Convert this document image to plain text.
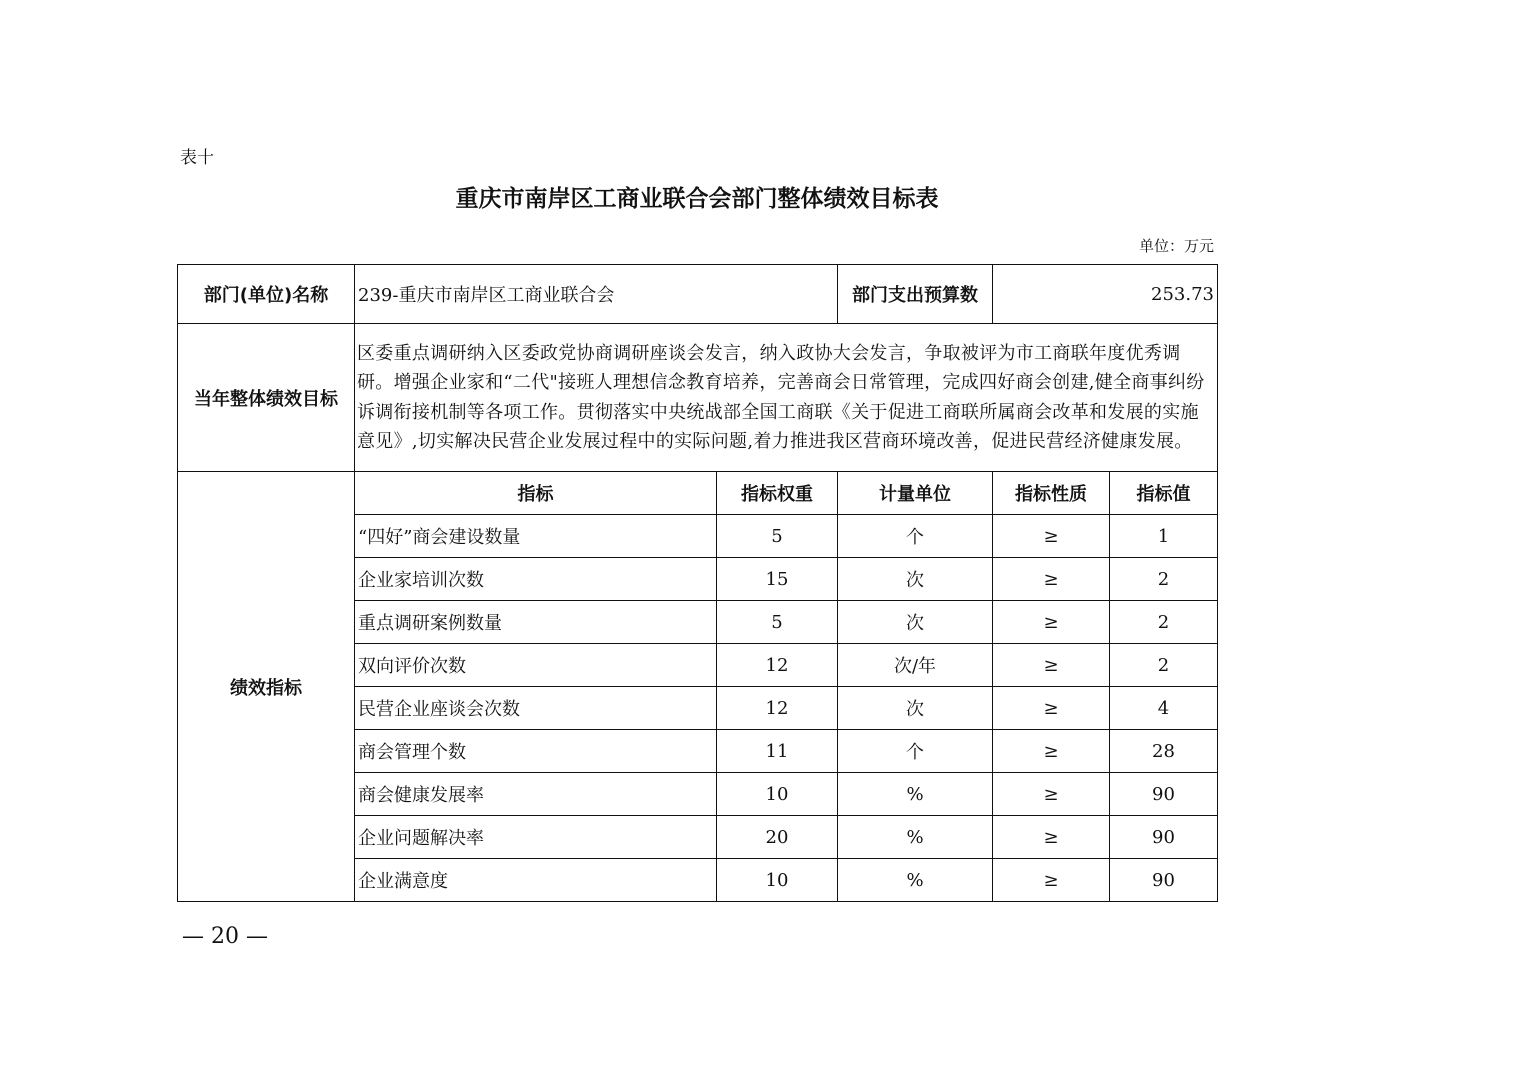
表十
重庆市南岸区工商业联合会部门整体绩效目标表
单位：万元
部门(单位)名称	239-重庆市南岸区工商业联合会		部门支出预算数	253.73	
当年整体绩效目标	区委重点调研纳入区委政党协商调研座谈会发言，纳入政协大会发言，争取被评为市工商联年度优秀调研。增强企业家和“二代"接班人理想信念教育培养，完善商会日常管理，完成四好商会创建,健全商事纠纷诉调衔接机制等各项工作。贯彻落实中央统战部全国工商联《关于促进工商联所属商会改革和发展的实施意见》,切实解决民营企业发展过程中的实际问题,着力推进我区营商环境改善，促进民营经济健康发展。				
绩效指标	指标	指标权重	计量单位	指标性质	指标值
	“四好”商会建设数量	5	个	≥	1
	企业家培训次数	15	次	≥	2
	重点调研案例数量	5	次	≥	2
	双向评价次数	12	次/年	≥	2
	民营企业座谈会次数	12	次	≥	4
	商会管理个数	11	个	≥	28
	商会健康发展率	10	%	≥	90
	企业问题解决率	20	%	≥	90
	企业满意度	10	%	≥	90
— 20 —
